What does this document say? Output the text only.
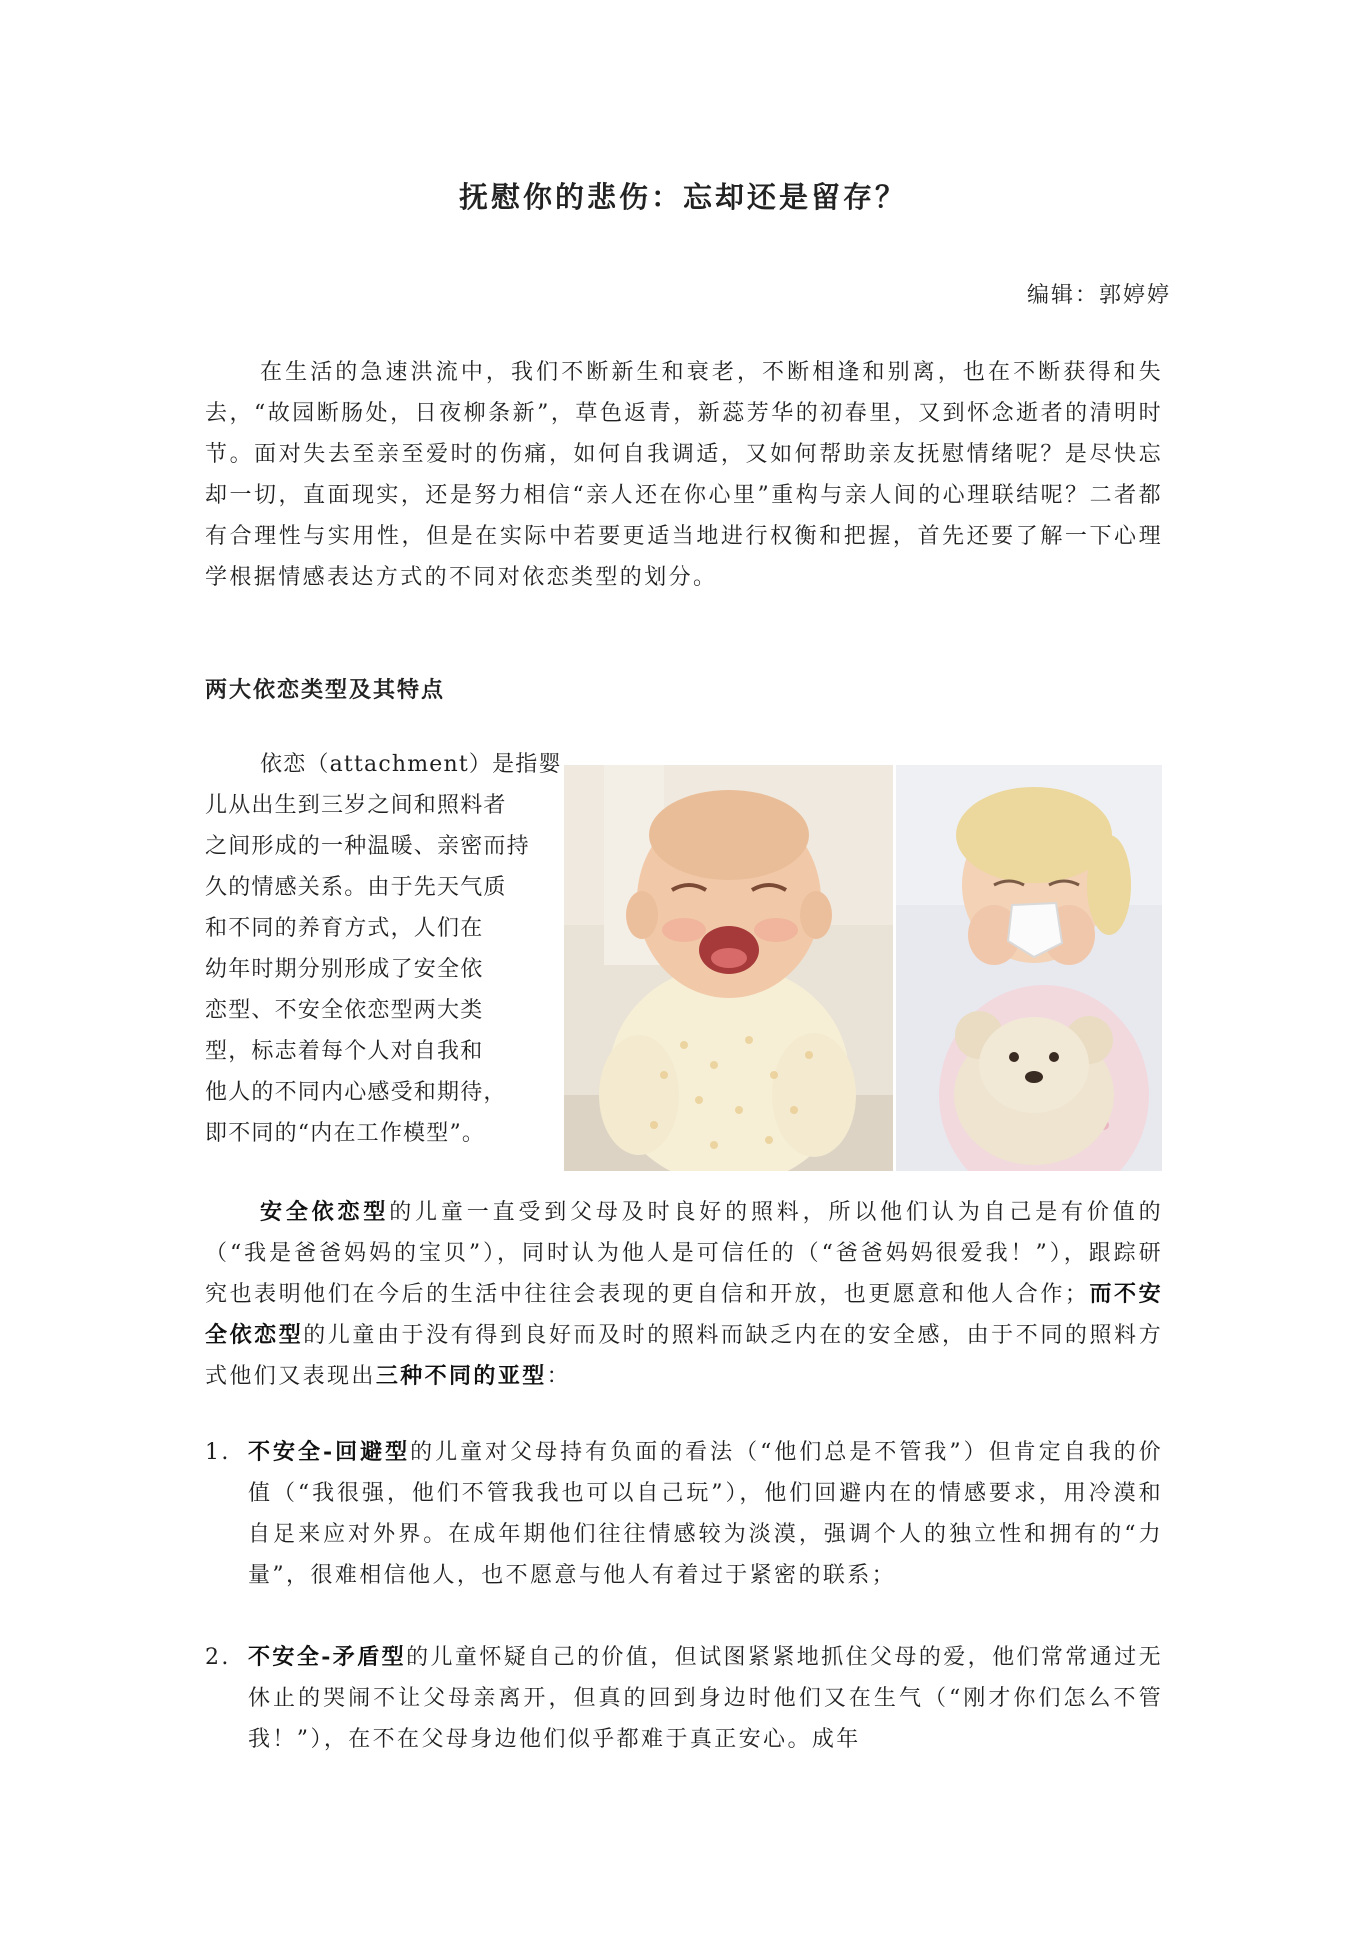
抚慰你的悲伤：忘却还是留存？
编辑：郭婷婷

在生活的急速洪流中，我们不断新生和衰老，不断相逢和别离，也在不断获得和失去，“故园断肠处，日夜柳条新”，草色返青，新蕊芳华的初春里，又到怀念逝者的清明时节。面对失去至亲至爱时的伤痛，如何自我调适，又如何帮助亲友抚慰情绪呢？是尽快忘却一切，直面现实，还是努力相信“亲人还在你心里”重构与亲人间的心理联结呢？二者都有合理性与实用性，但是在实际中若要更适当地进行权衡和把握，首先还要了解一下心理学根据情感表达方式的不同对依恋类型的划分。

两大依恋类型及其特点
依恋（attachment）是指婴
儿从出生到三岁之间和照料者
之间形成的一种温暖、亲密而持
久的情感关系。由于先天气质
和不同的养育方式，人们在
幼年时期分别形成了安全依
恋型、不安全依恋型两大类
型，标志着每个人对自我和
他人的不同内心感受和期待，
即不同的“内在工作模型”。

安全依恋型的儿童一直受到父母及时良好的照料，所以他们认为自己是有价值的（“我是爸爸妈妈的宝贝”），同时认为他人是可信任的（“爸爸妈妈很爱我！”），跟踪研究也表明他们在今后的生活中往往会表现的更自信和开放，也更愿意和他人合作；而不安全依恋型的儿童由于没有得到良好而及时的照料而缺乏内在的安全感，由于不同的照料方式他们又表现出三种不同的亚型：

1. 不安全-回避型的儿童对父母持有负面的看法（“他们总是不管我”）但肯定自我的价值（“我很强，他们不管我我也可以自己玩”），他们回避内在的情感要求，用冷漠和自足来应对外界。在成年期他们往往情感较为淡漠，强调个人的独立性和拥有的“力量”，很难相信他人，也不愿意与他人有着过于紧密的联系；
2. 不安全-矛盾型的儿童怀疑自己的价值，但试图紧紧地抓住父母的爱，他们常常通过无休止的哭闹不让父母亲离开，但真的回到身边时他们又在生气（“刚才你们怎么不管我！”），在不在父母身边他们似乎都难于真正安心。成年
